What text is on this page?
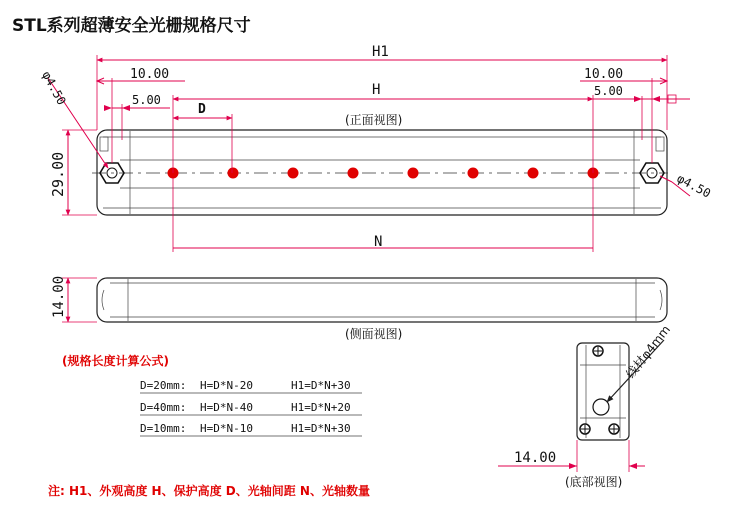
STL系列超薄安全光栅规格尺寸
H1
H
D
(正面视图)
10.00
5.00
10.00
5.00
29.00
φ4.50
φ4.50
N
14.00
(侧面视图)
(规格长度计算公式)
D=20mm: H=D*N-20	H1=D*N+30
D=40mm: H=D*N-40	H1=D*N+20
D=10mm: H=D*N-10	H1=D*N+30
线材φ4mm
14.00
(底部视图)
注: H1、外观高度 H、保护高度 D、光轴间距 N、光轴数量
